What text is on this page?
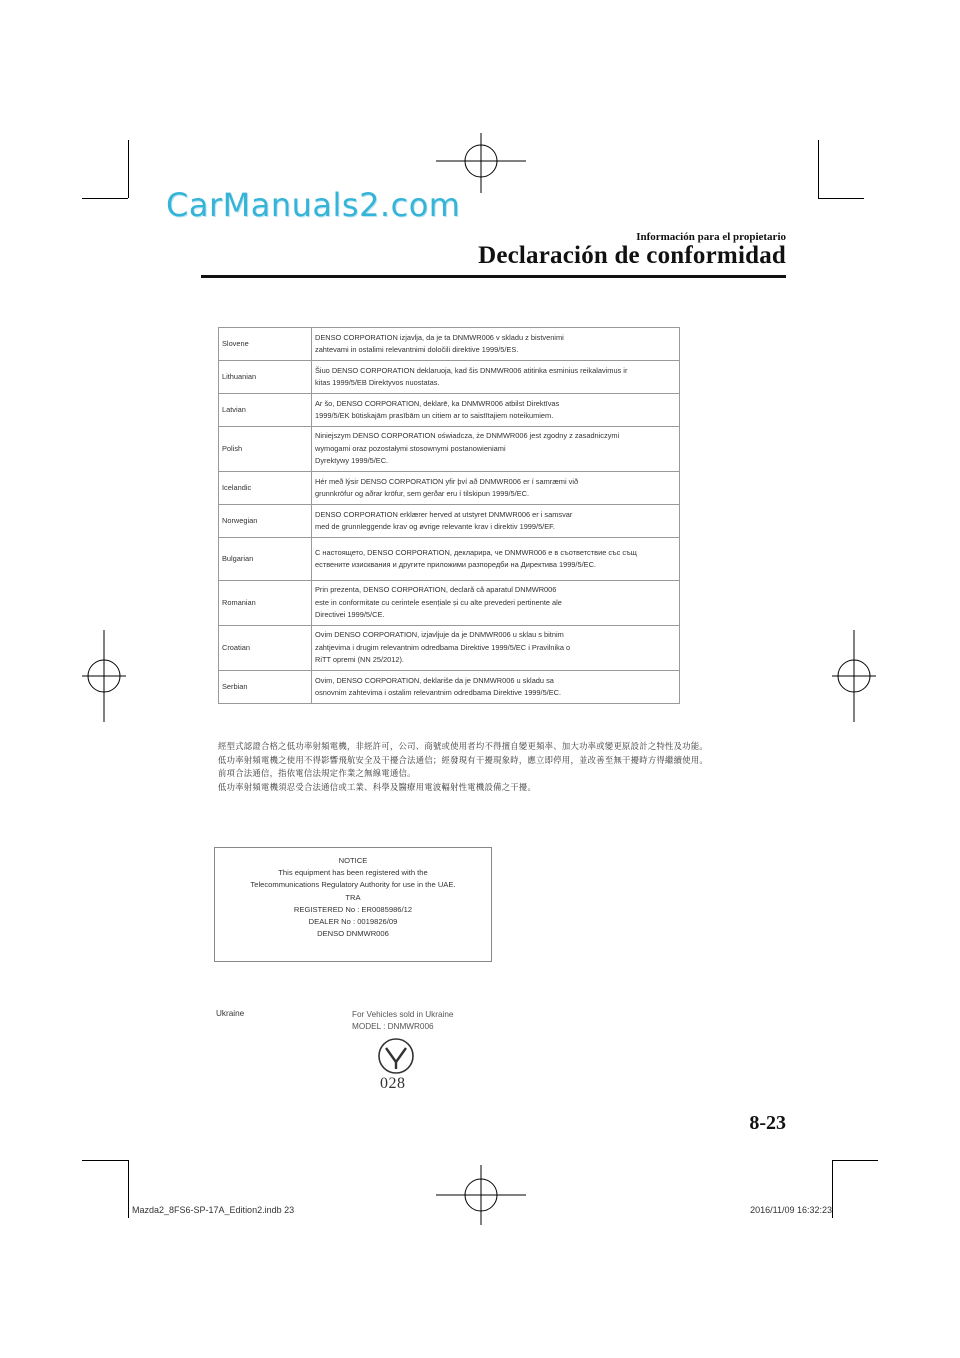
CarManuals2.com
Información para el propietario
Declaración de conformidad
Slovene	DENSO CORPORATION izjavlja, da je ta DNMWR006 v skladu z bistvenimi
zahtevami in ostalimi relevantnimi določili direktive 1999/5/ES.
Lithuanian	Šiuo DENSO CORPORATION deklaruoja, kad šis DNMWR006 atitinka esminius reikalavimus ir
kitas 1999/5/EB Direktyvos nuostatas.
Latvian	Ar šo, DENSO CORPORATION, deklarē, ka DNMWR006 atbilst Direktīvas
1999/5/EK būtiskajām prasībām un citiem ar to saistītajiem noteikumiem.
Polish	Niniejszym DENSO CORPORATION oświadcza, że DNMWR006 jest zgodny z zasadniczymi
wymogami oraz pozostałymi stosownymi postanowieniami
Dyrektywy 1999/5/EC.
Icelandic	Hér með lýsir DENSO CORPORATION yfir því að DNMWR006 er í samræmi við
grunnkröfur og aðrar kröfur, sem gerðar eru í tilskipun 1999/5/EC.
Norwegian	DENSO CORPORATION erklærer herved at utstyret DNMWR006 er i samsvar
med de grunnleggende krav og øvrige relevante krav i direktiv 1999/5/EF.
Bulgarian	С настоящето, DENSO CORPORATION, декларира, че DNMWR006 е в съответствие със същ
ествените изисквания и другите приложими разпоредби на Директива 1999/5/ЕС.
Romanian	Prin prezenta, DENSO CORPORATION, declară că aparatul DNMWR006
este in conformitate cu cerintele esențiale și cu alte prevederi pertinente ale
Directivei 1999/5/CE.
Croatian	Ovim DENSO CORPORATION, izjavljuje da je DNMWR006 u sklau s bitnim
zahtjevima i drugim relevantnim odredbama Direktive 1999/5/EC i Pravilnika o
RiTT opremi (NN 25/2012).
Serbian	Ovim, DENSO CORPORATION, deklariše da je DNMWR006 u skladu sa
osnovnim zahtevima i ostalim relevantnim odredbama Direktive 1999/5/EC.
經型式認證合格之低功率射頻電機，非經許可，公司、商號或使用者均不得擅自變更頻率、加大功率或變更原設計之特性及功能。
低功率射頻電機之使用不得影響飛航安全及干擾合法通信；經發現有干擾現象時，應立即停用，並改善至無干擾時方得繼續使用。
前項合法通信，指依電信法規定作業之無線電通信。
低功率射頻電機須忍受合法通信或工業、科學及醫療用電波輻射性電機設備之干擾。
NOTICE
This equipment has been registered with the
Telecommunications Regulatory Authority for use in the UAE.
TRA
REGISTERED No : ER0085986/12
DEALER No : 0019826/09
DENSO DNMWR006
Ukraine	For Vehicles sold in Ukraine
MODEL : DNMWR006
028
8-23
Mazda2_8FS6-SP-17A_Edition2.indb 23	2016/11/09 16:32:23
